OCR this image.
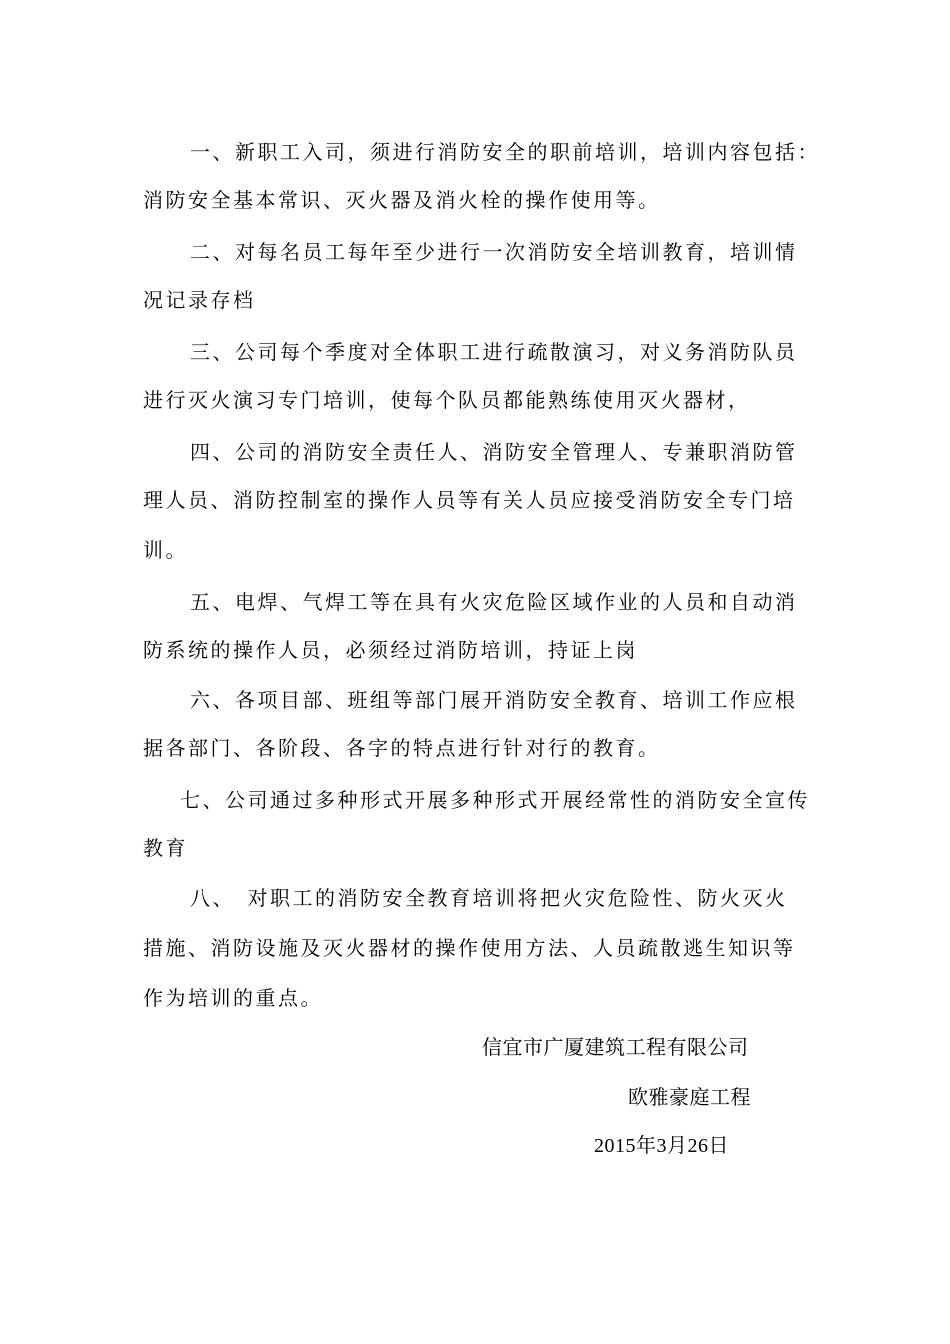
一、新职工入司，须进行消防安全的职前培训，培训内容包括：
消防安全基本常识、灭火器及消火栓的操作使用等。
二、对每名员工每年至少进行一次消防安全培训教育，培训情
况记录存档
三、公司每个季度对全体职工进行疏散演习，对义务消防队员
进行灭火演习专门培训，使每个队员都能熟练使用灭火器材，
四、公司的消防安全责任人、消防安全管理人、专兼职消防管
理人员、消防控制室的操作人员等有关人员应接受消防安全专门培
训。
五、电焊、气焊工等在具有火灾危险区域作业的人员和自动消
防系统的操作人员，必须经过消防培训，持证上岗
六、各项目部、班组等部门展开消防安全教育、培训工作应根
据各部门、各阶段、各字的特点进行针对行的教育。
七、公司通过多种形式开展多种形式开展经常性的消防安全宣传
教育
八、　对职工的消防安全教育培训将把火灾危险性、防火灭火
措施、消防设施及灭火器材的操作使用方法、人员疏散逃生知识等
作为培训的重点。
信宜市广厦建筑工程有限公司
欧雅豪庭工程
2015年3月26日
